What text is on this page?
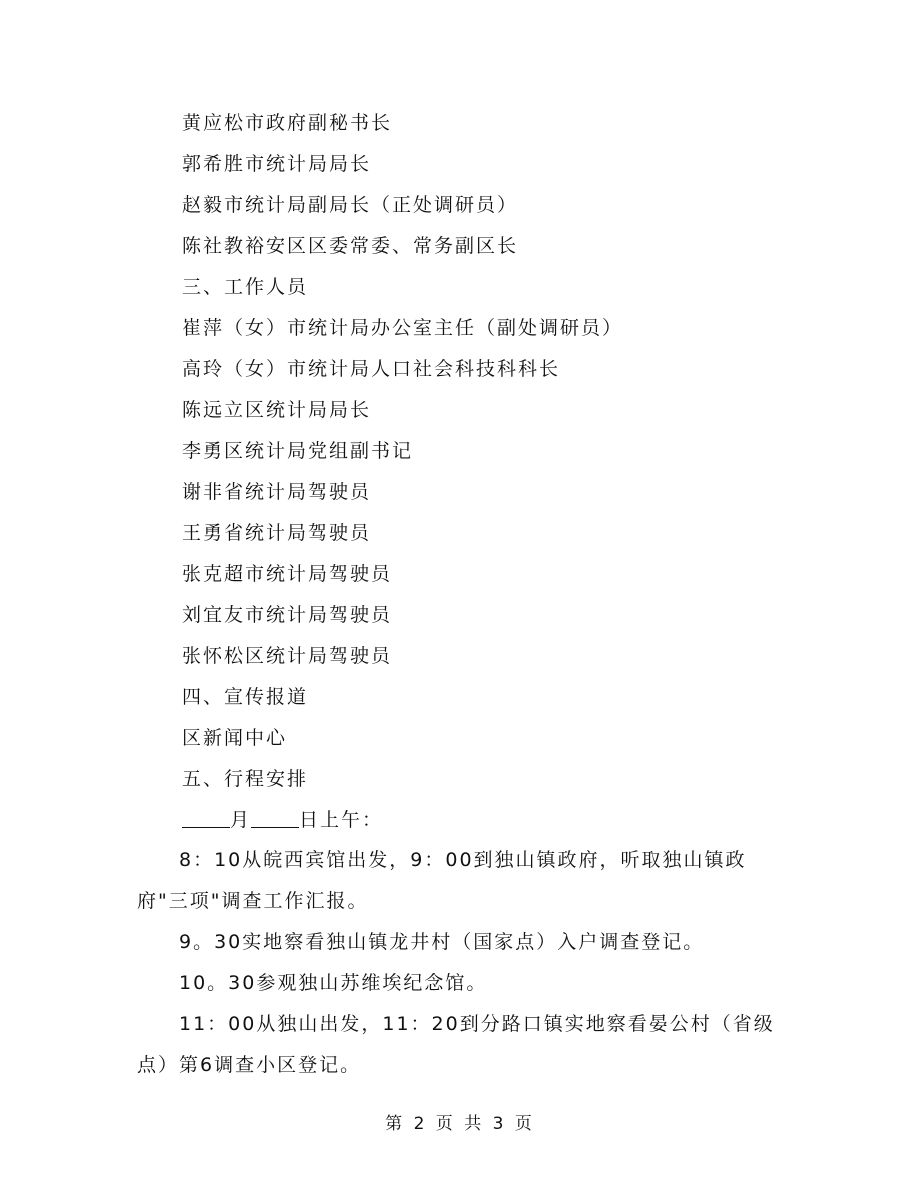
黄应松市政府副秘书长
郭希胜市统计局局长
赵毅市统计局副局长（正处调研员）
陈社教裕安区区委常委、常务副区长
三、工作人员
崔萍（女）市统计局办公室主任（副处调研员）
高玲（女）市统计局人口社会科技科科长
陈远立区统计局局长
李勇区统计局党组副书记
谢非省统计局驾驶员
王勇省统计局驾驶员
张克超市统计局驾驶员
刘宜友市统计局驾驶员
张怀松区统计局驾驶员
四、宣传报道
区新闻中心
五、行程安排
月	日上午：
8：10从皖西宾馆出发，9：00到独山镇政府，听取独山镇政府"三项"调查工作汇报。
9。30实地察看独山镇龙井村（国家点）入户调查登记。
10。30参观独山苏维埃纪念馆。
11：00从独山出发，11：20到分路口镇实地察看晏公村（省级点）第6调查小区登记。
第 2 页 共 3 页
